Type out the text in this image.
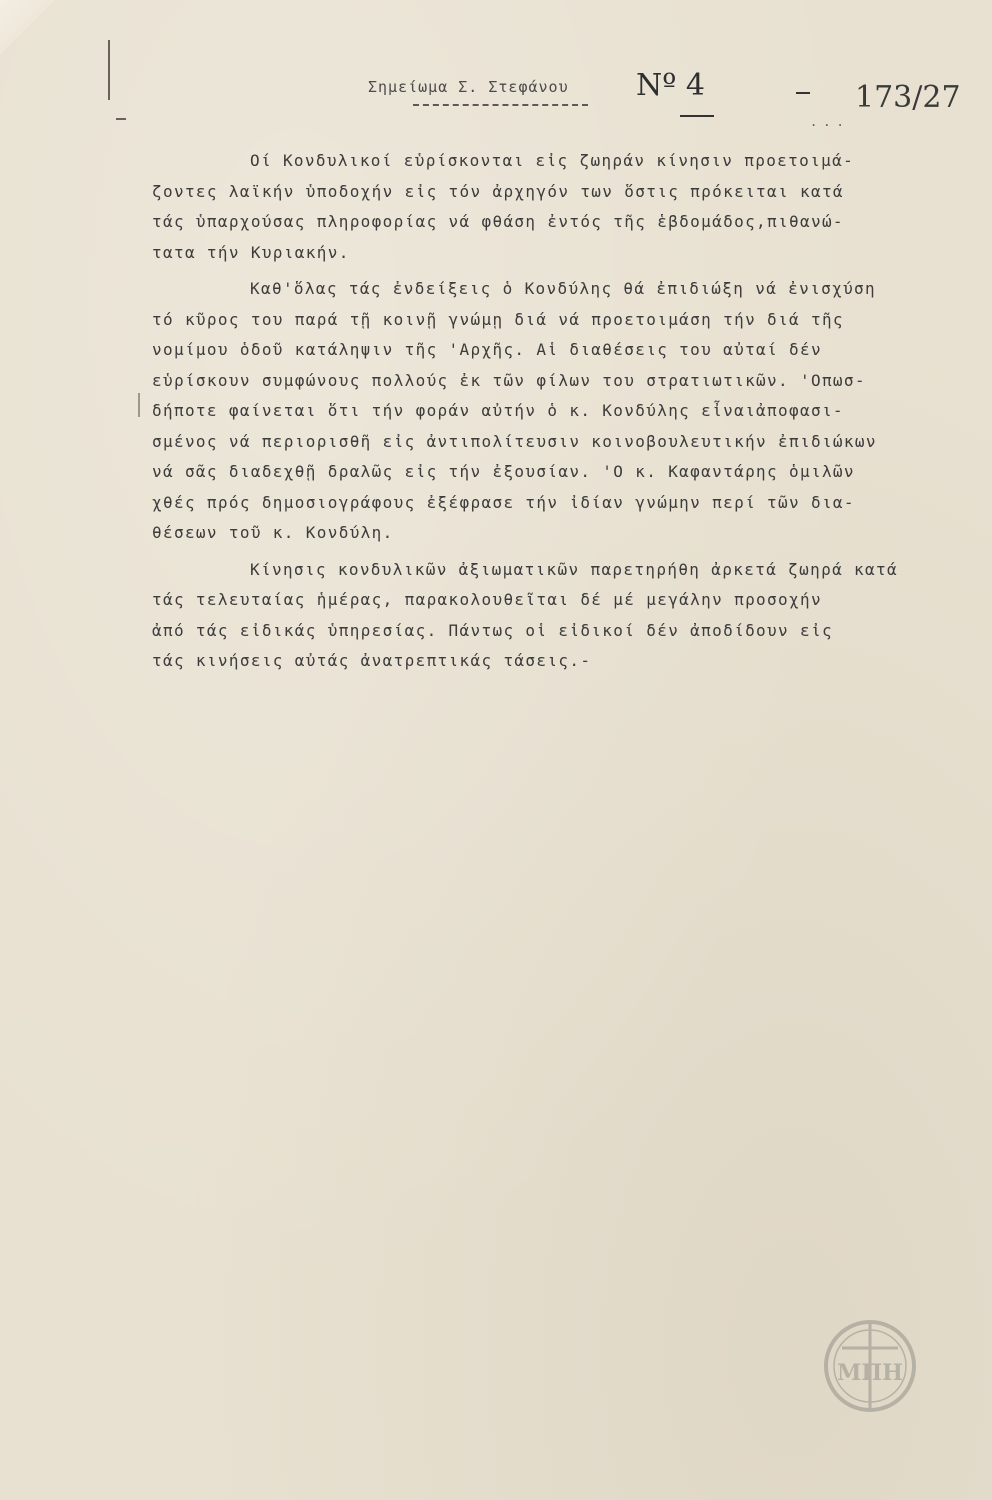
Σημείωμα Σ. Στεφάνου Nº 4
...
173/27
Οί Κονδυλικοί εὑρίσκονται εἰς ζωηράν κίνησιν προετοιμά-
ζοντες λαϊκήν ὑποδοχήν εἰς τόν ἀρχηγόν των ὅστις πρόκειται κατά
τάς ὑπαρχούσας πληροφορίας νά φθάση ἐντός τῆς ἑβδομάδος,πιθανώ-
τατα τήν Κυριακήν.
Καθ'ὅλας τάς ἐνδείξεις ὁ Κονδύλης θά ἐπιδιώξη νά ἐνισχύση
τό κῦρος του παρά τῇ κοινῇ γνώμῃ διά νά προετοιμάση τήν διά τῆς
νομίμου ὁδοῦ κατάληψιν τῆς 'Αρχῆς. Αἱ διαθέσεις του αὐταί δέν
εὑρίσκουν συμφώνους πολλούς ἐκ τῶν φίλων του στρατιωτικῶν. 'Οπωσ-
δήποτε φαίνεται ὅτι τήν φοράν αὐτήν ὁ κ. Κονδύλης εἶναιἀποφασι-
σμένος νά περιορισθῆ εἰς ἀντιπολίτευσιν κοινοβουλευτικήν ἐπιδιώκων
νά σᾶς διαδεχθῇ δραλῶς εἰς τήν ἐξουσίαν. 'Ο κ. Καφαντάρης ὁμιλῶν
χθές πρός δημοσιογράφους ἐξέφρασε τήν ἰδίαν γνώμην περί τῶν δια-
θέσεων τοῦ κ. Κονδύλη.
Κίνησις κονδυλικῶν ἀξιωματικῶν παρετηρήθη ἀρκετά ζωηρά κατά
τάς τελευταίας ἡμέρας, παρακολουθεῖται δέ μέ μεγάλην προσοχήν
ἀπό τάς εἰδικάς ὑπηρεσίας. Πάντως οἱ εἰδικοί δέν ἀποδίδουν εἰς
τάς κινήσεις αὐτάς ἀνατρεπτικάς τάσεις.-
ΜΠΗ
